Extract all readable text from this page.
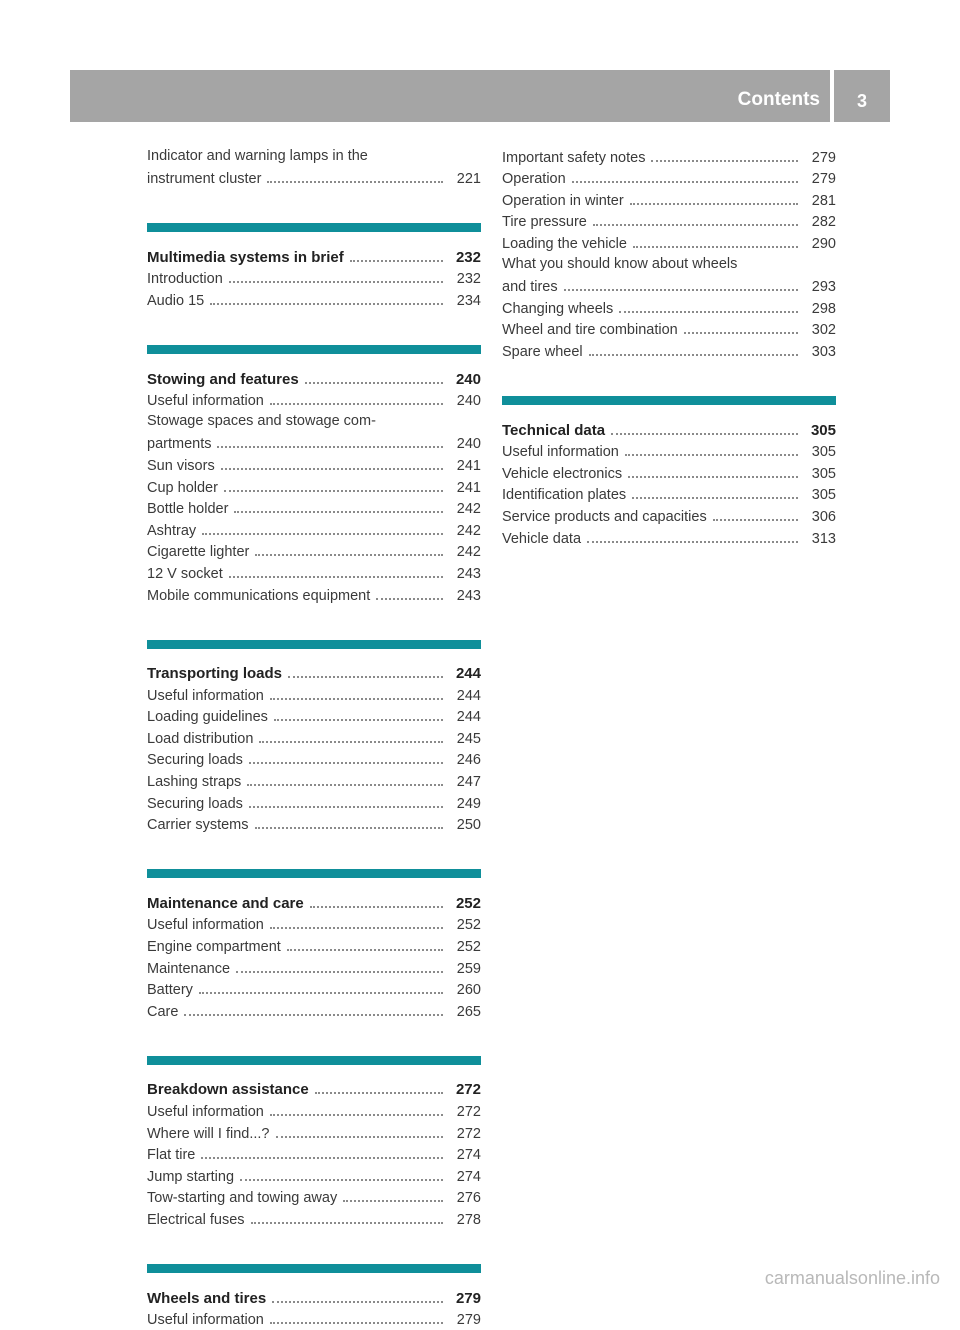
Contents	3
Indicator and warning lamps in the
instrument cluster	221
Multimedia systems in brief	232
Introduction	232
Audio 15	234
Stowing and features	240
Useful information	240
Stowage spaces and stowage com-
partments	240
Sun visors	241
Cup holder	241
Bottle holder	242
Ashtray	242
Cigarette lighter	242
12 V socket	243
Mobile communications equipment	243
Transporting loads	244
Useful information	244
Loading guidelines	244
Load distribution	245
Securing loads	246
Lashing straps	247
Securing loads	249
Carrier systems	250
Maintenance and care	252
Useful information	252
Engine compartment	252
Maintenance	259
Battery	260
Care	265
Breakdown assistance	272
Useful information	272
Where will I find...?	272
Flat tire	274
Jump starting	274
Tow-starting and towing away	276
Electrical fuses	278
Wheels and tires	279
Useful information	279
Important safety notes	279
Operation	279
Operation in winter	281
Tire pressure	282
Loading the vehicle	290
What you should know about wheels
and tires	293
Changing wheels	298
Wheel and tire combination	302
Spare wheel	303
Technical data	305
Useful information	305
Vehicle electronics	305
Identification plates	305
Service products and capacities	306
Vehicle data	313
carmanualsonline.info
